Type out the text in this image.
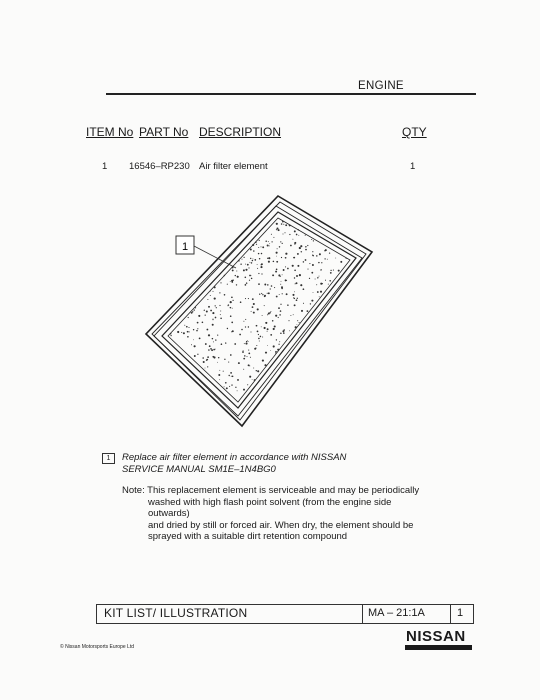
ENGINE
ITEM No PART No DESCRIPTION	QTY
1 16546–RP230 Air filter element	1
1
1	Replace air filter element in accordance with NISSAN
SERVICE MANUAL SM1E–1N4BG0
Note: This replacement element is serviceable and may be periodically
washed with high flash point solvent (from the engine side outwards)
and dried by still or forced air. When dry, the element should be
sprayed with a suitable dirt retention compound
KIT LIST/ ILLUSTRATION	MA – 21:1A	1
© Nissan Motorsports Europe Ltd
NISSAN
